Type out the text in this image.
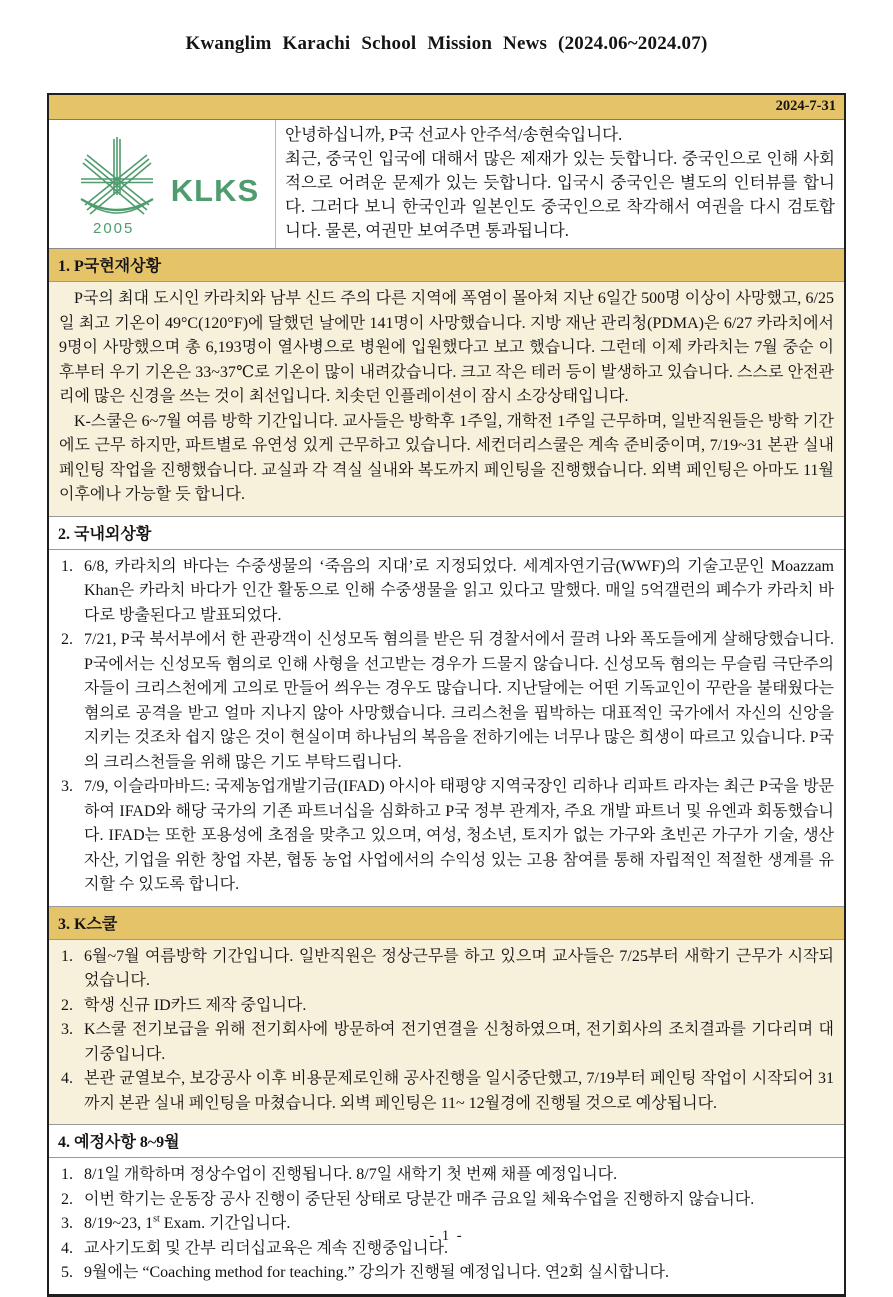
Kwanglim Karachi School Mission News (2024.06~2024.07)
2024-7-31
2005
KLKS
안녕하십니까, P국 선교사 안주석/송현숙입니다.
최근, 중국인 입국에 대해서 많은 제재가 있는 듯합니다. 중국인으로 인해 사회적으로 어려운 문제가 있는 듯합니다. 입국시 중국인은 별도의 인터뷰를 합니다. 그러다 보니 한국인과 일본인도 중국인으로 착각해서 여권을 다시 검토합니다. 물론, 여권만 보여주면 통과됩니다.
1. P국현재상황
P국의 최대 도시인 카라치와 남부 신드 주의 다른 지역에 폭염이 몰아쳐 지난 6일간 500명 이상이 사망했고, 6/25일 최고 기온이 49°C(120°F)에 달했던 날에만 141명이 사망했습니다. 지방 재난 관리청(PDMA)은 6/27 카라치에서 9명이 사망했으며 총 6,193명이 열사병으로 병원에 입원했다고 보고 했습니다. 그런데 이제 카라치는 7월 중순 이후부터 우기 기온은 33~37℃로 기온이 많이 내려갔습니다. 크고 작은 테러 등이 발생하고 있습니다. 스스로 안전관리에 많은 신경을 쓰는 것이 최선입니다. 치솟던 인플레이션이 잠시 소강상태입니다.
K-스쿨은 6~7월 여름 방학 기간입니다. 교사들은 방학후 1주일, 개학전 1주일 근무하며, 일반직원들은 방학 기간에도 근무 하지만, 파트별로 유연성 있게 근무하고 있습니다. 세컨더리스쿨은 계속 준비중이며, 7/19~31 본관 실내 페인팅 작업을 진행했습니다. 교실과 각 격실 실내와 복도까지 페인팅을 진행했습니다. 외벽 페인팅은 아마도 11월 이후에나 가능할 듯 합니다.
2. 국내외상황
1. 6/8, 카라치의 바다는 수중생물의 ‘죽음의 지대’로 지정되었다. 세계자연기금(WWF)의 기술고문인 Moazzam Khan은 카라치 바다가 인간 활동으로 인해 수중생물을 읽고 있다고 말했다. 매일 5억갤런의 폐수가 카라치 바다로 방출된다고 발표되었다.
2. 7/21, P국 북서부에서 한 관광객이 신성모독 혐의를 받은 뒤 경찰서에서 끌려 나와 폭도들에게 살해당했습니다. P국에서는 신성모독 혐의로 인해 사형을 선고받는 경우가 드물지 않습니다. 신성모독 혐의는 무슬림 극단주의자들이 크리스천에게 고의로 만들어 씌우는 경우도 많습니다. 지난달에는 어떤 기독교인이 꾸란을 불태웠다는 혐의로 공격을 받고 얼마 지나지 않아 사망했습니다. 크리스천을 핍박하는 대표적인 국가에서 자신의 신앙을 지키는 것조차 쉽지 않은 것이 현실이며 하나님의 복음을 전하기에는 너무나 많은 희생이 따르고 있습니다. P국의 크리스천들을 위해 많은 기도 부탁드립니다.
3. 7/9, 이슬라마바드: 국제농업개발기금(IFAD) 아시아 태평양 지역국장인 리하나 리파트 라자는 최근 P국을 방문하여 IFAD와 해당 국가의 기존 파트너십을 심화하고 P국 정부 관계자, 주요 개발 파트너 및 유엔과 회동했습니다. IFAD는 또한 포용성에 초점을 맞추고 있으며, 여성, 청소년, 토지가 없는 가구와 초빈곤 가구가 기술, 생산 자산, 기업을 위한 창업 자본, 협동 농업 사업에서의 수익성 있는 고용 참여를 통해 자립적인 적절한 생계를 유지할 수 있도록 합니다.
3. K스쿨
1. 6월~7월 여름방학 기간입니다. 일반직원은 정상근무를 하고 있으며 교사들은 7/25부터 새학기 근무가 시작되었습니다.
2. 학생 신규 ID카드 제작 중입니다.
3. K스쿨 전기보급을 위해 전기회사에 방문하여 전기연결을 신청하였으며, 전기회사의 조치결과를 기다리며 대기중입니다.
4. 본관 균열보수, 보강공사 이후 비용문제로인해 공사진행을 일시중단했고, 7/19부터 페인팅 작업이 시작되어 31까지 본관 실내 페인팅을 마쳤습니다. 외벽 페인팅은 11~ 12월경에 진행될 것으로 예상됩니다.
4. 예정사항 8~9월
1. 8/1일 개학하며 정상수업이 진행됩니다. 8/7일 새학기 첫 번째 채플 예정입니다.
2. 이번 학기는 운동장 공사 진행이 중단된 상태로 당분간 매주 금요일 체육수업을 진행하지 않습니다.
3. 8/19~23, 1st Exam. 기간입니다.
4. 교사기도회 및 간부 리더십교육은 계속 진행중입니다.
5. 9월에는 “Coaching method for teaching.” 강의가 진행될 예정입니다. 연2회 실시합니다.
- 1 -
